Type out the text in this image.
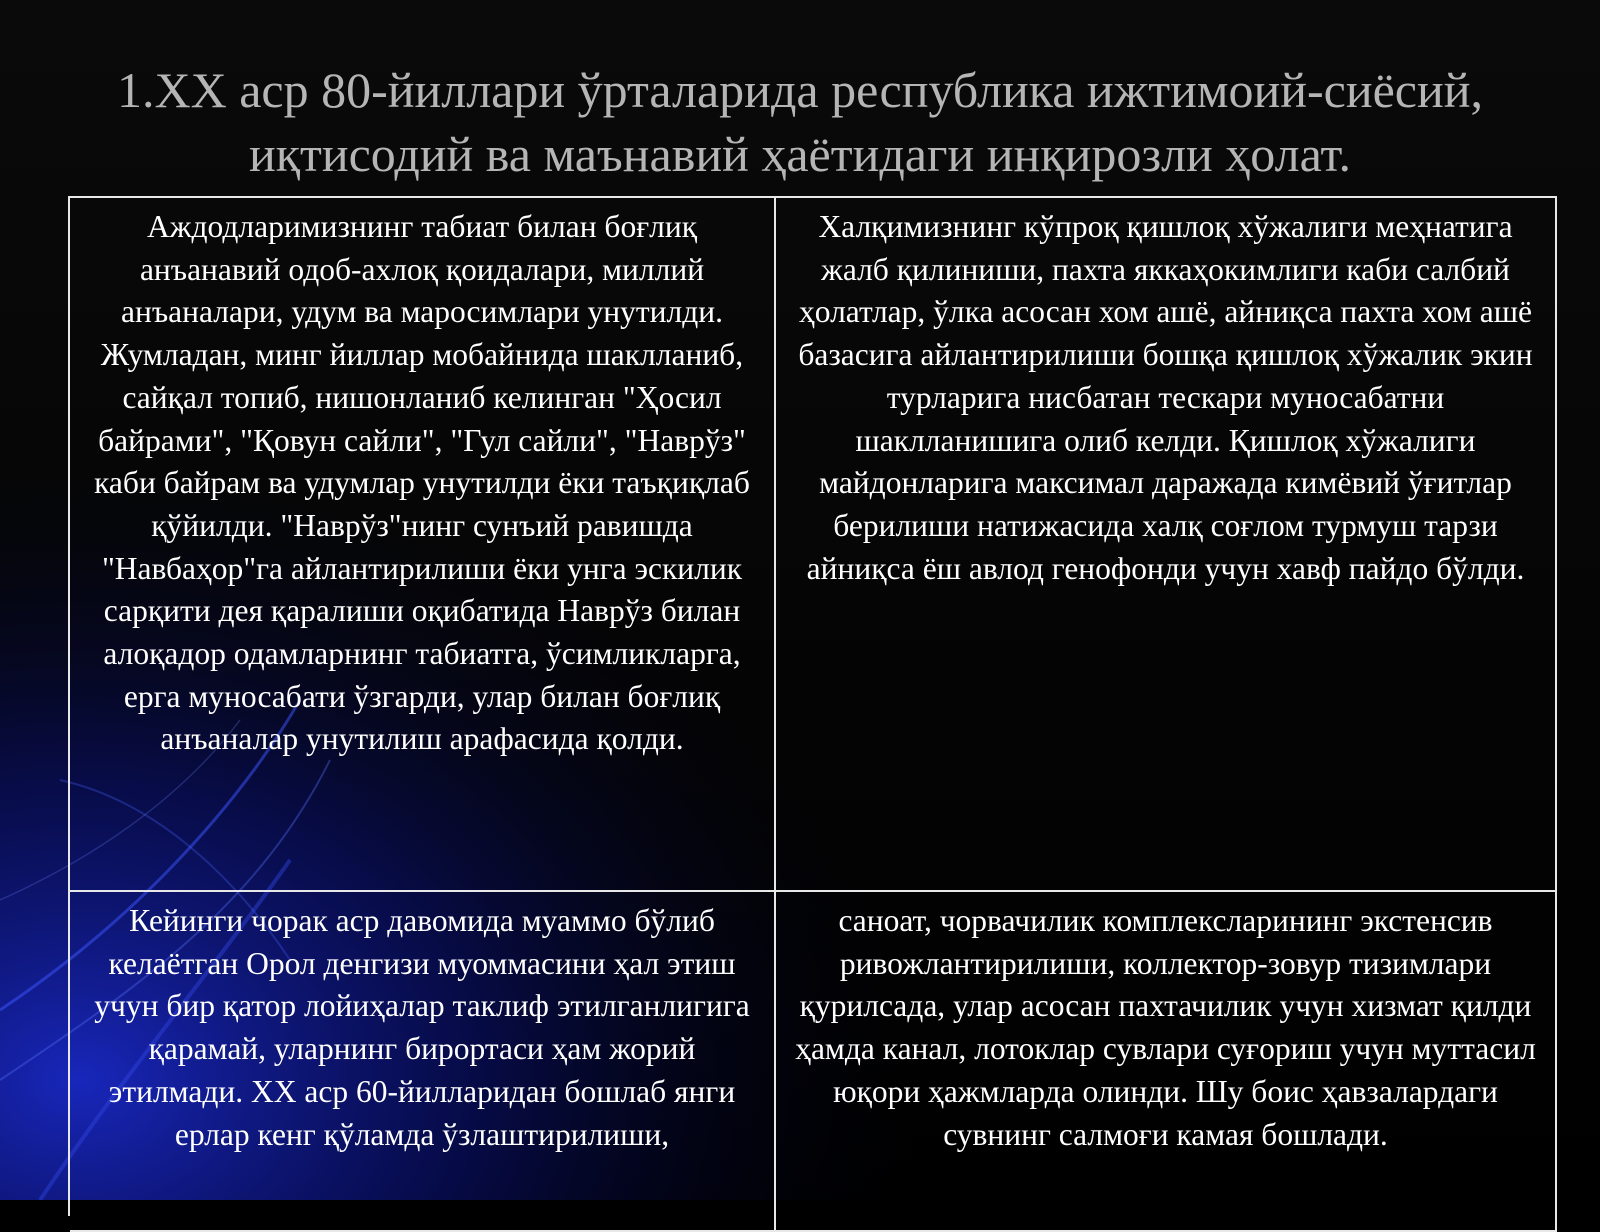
1.XX аср 80-йиллари ўрталарида республика ижтимоий-сиёсий, иқтисодий ва маънавий ҳаётидаги инқирозли ҳолат.
Аждодларимизнинг табиат билан боғлиқ анъанавий одоб-ахлоқ қоидалари, миллий анъаналари, удум ва маросимлари унутилди. Жумладан, минг йиллар мобайнида шаклланиб, сайқал топиб, нишонланиб келинган "Ҳосил байрами", "Қовун сайли", "Гул сайли", "Наврўз" каби байрам ва удумлар унутилди ёки таъқиқлаб қўйилди. "Наврўз"нинг сунъий равишда "Навбаҳор"га айлантирилиши ёки унга эскилик сарқити дея қаралиши оқибатида Наврўз билан алоқадор одамларнинг табиатга, ўсимликларга, ерга муносабати ўзгарди, улар билан боғлиқ анъаналар унутилиш арафасида қолди.
Халқимизнинг кўпроқ қишлоқ хўжалиги меҳнатига жалб қилиниши, пахта яккаҳокимлиги каби салбий ҳолатлар, ўлка асосан хом ашё, айниқса пахта хом ашё базасига айлантирилиши бошқа қишлоқ хўжалик экин турларига нисбатан тескари муносабатни шаклланишига олиб келди. Қишлоқ хўжалиги майдонларига максимал даражада кимёвий ўғитлар берилиши натижасида халқ соғлом турмуш тарзи айниқса ёш авлод генофонди учун хавф пайдо бўлди.
Кейинги чорак аср давомида муаммо бўлиб келаётган Орол денгизи муоммасини ҳал этиш учун бир қатор лойиҳалар таклиф этилганлигига қарамай, уларнинг бирортаси ҳам жорий этилмади. XX аср 60-йилларидан бошлаб янги ерлар кенг қўламда ўзлаштирилиши,
саноат, чорвачилик комплексларининг экстенсив ривожлантирилиши, коллектор-зовур тизимлари қурилсада, улар асосан пахтачилик учун хизмат қилди ҳамда канал, лотоклар сувлари суғориш учун муттасил юқори ҳажмларда олинди. Шу боис ҳавзалардаги сувнинг салмоғи камая бошлади.
